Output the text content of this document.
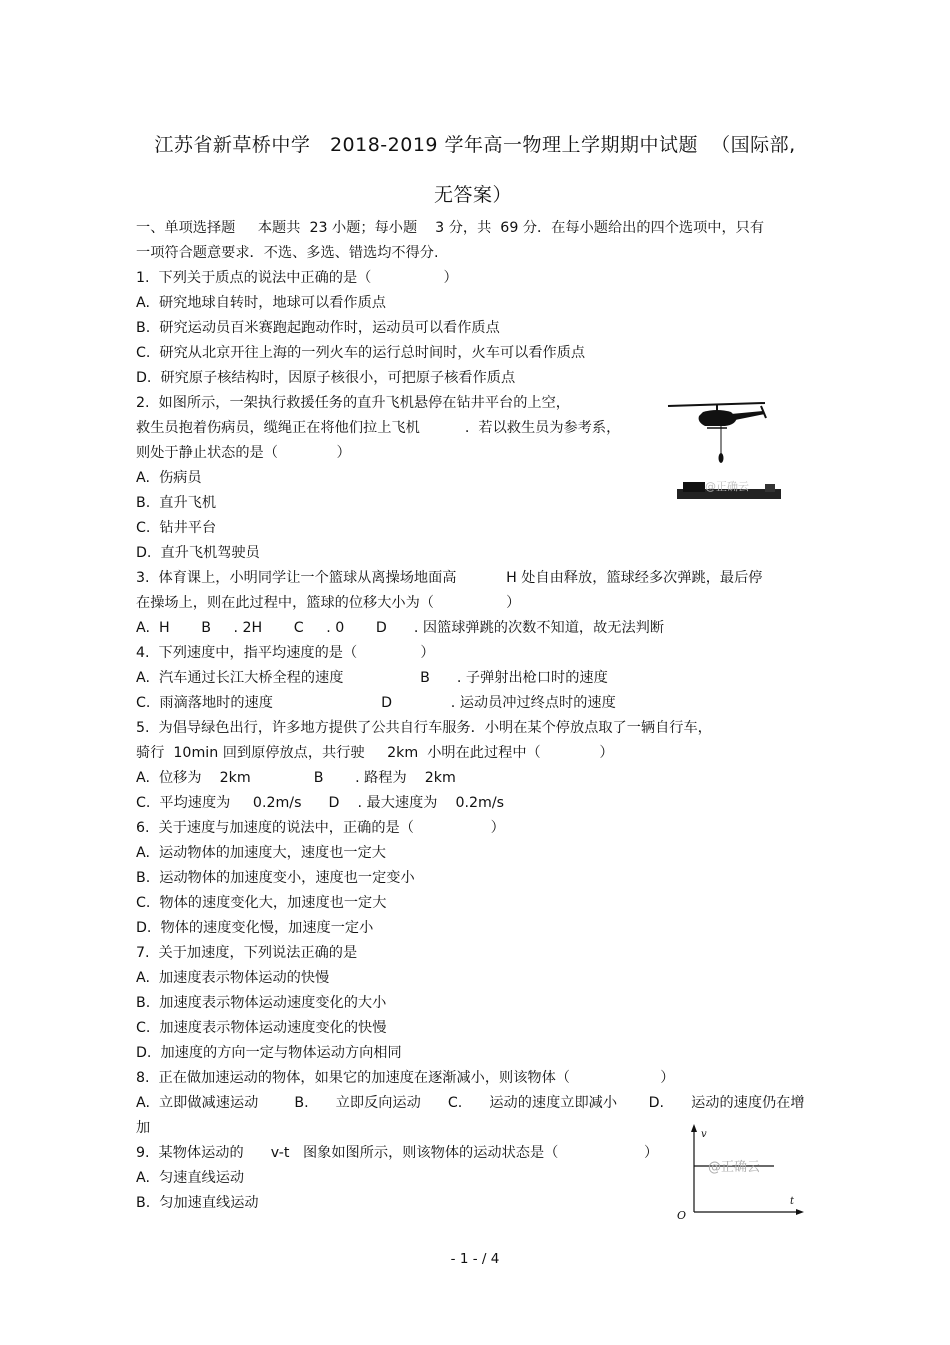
江苏省新草桥中学   2018-2019 学年高一物理上学期期中试题  （国际部,
无答案）
一、单项选择题     本题共  23 小题；每小题    3 分，共  69 分．在每小题给出的四个选项中，只有
一项符合题意要求．不选、多选、错选均不得分.
1.  下列关于质点的说法中正确的是（                ）
A.  研究地球自转时，地球可以看作质点
B.  研究运动员百米赛跑起跑动作时，运动员可以看作质点
C.  研究从北京开往上海的一列火车的运行总时间时，火车可以看作质点
D.  研究原子核结构时，因原子核很小，可把原子核看作质点
2.  如图所示，一架执行救援任务的直升飞机悬停在钻井平台的上空，
救生员抱着伤病员，缆绳正在将他们拉上飞机          .  若以救生员为参考系，
则处于静止状态的是（             ）
A.  伤病员
B.  直升飞机
C.  钻井平台
D.  直升飞机驾驶员
3.  体育课上，小明同学让一个篮球从离操场地面高           H 处自由释放，篮球经多次弹跳，最后停
在操场上，则在此过程中，篮球的位移大小为（                ）
A.  H       B     . 2H       C     . 0       D      . 因篮球弹跳的次数不知道，故无法判断
4.  下列速度中，指平均速度的是（              ）
A.  汽车通过长江大桥全程的速度                 B      . 子弹射出枪口时的速度
C.  雨滴落地时的速度                        D             . 运动员冲过终点时的速度
5.  为倡导绿色出行，许多地方提供了公共自行车服务．小明在某个停放点取了一辆自行车，
骑行  10min 回到原停放点，共行驶     2km  小明在此过程中（             ）
A.  位移为    2km              B       . 路程为    2km
C.  平均速度为     0.2m/s      D    . 最大速度为    0.2m/s
6.  关于速度与加速度的说法中，正确的是（                 ）
A.  运动物体的加速度大，速度也一定大
B.  运动物体的加速度变小，速度也一定变小
C.  物体的速度变化大，加速度也一定大
D.  物体的速度变化慢，加速度一定小
7.  关于加速度，下列说法正确的是
A.  加速度表示物体运动的快慢
B.  加速度表示物体运动速度变化的大小
C.  加速度表示物体运动速度变化的快慢
D.  加速度的方向一定与物体运动方向相同
8.  正在做加速运动的物体，如果它的加速度在逐渐减小，则该物体（                    ）
A.  立即做减速运动        B.      立即反向运动      C.      运动的速度立即减小       D.      运动的速度仍在增
加
9.  某物体运动的      v-t   图象如图所示，则该物体的运动状态是（                   ）
A.  匀速直线运动
B.  匀加速直线运动
@正确云
v
t
O
@正确云
- 1 - / 4
